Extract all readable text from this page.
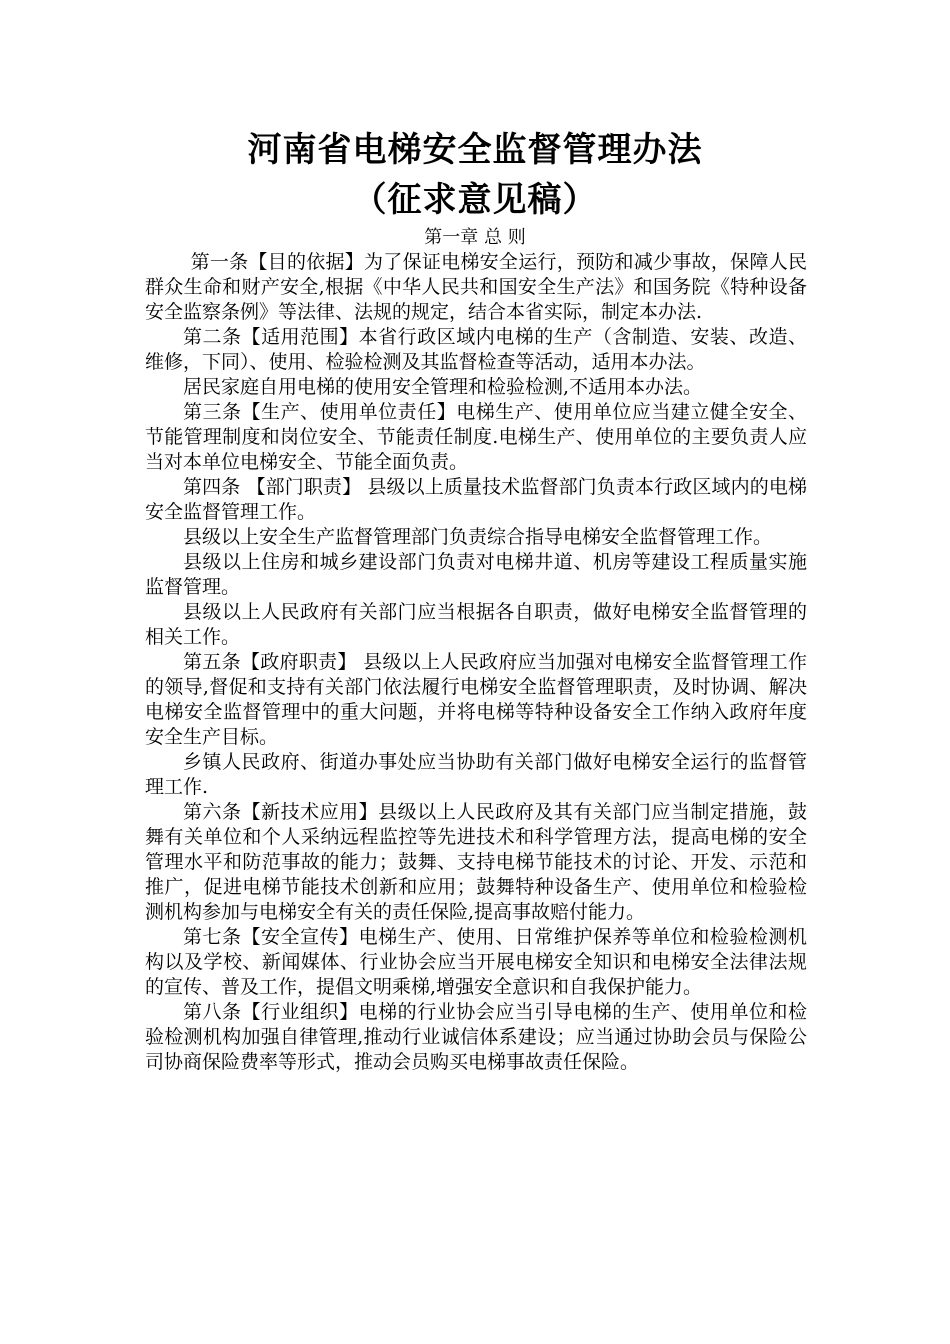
河南省电梯安全监督管理办法
（征求意见稿）
第一章 总 则

第一条【目的依据】为了保证电梯安全运行，预防和减少事故，保障人民群众生命和财产安全,根据《中华人民共和国安全生产法》和国务院《特种设备安全监察条例》等法律、法规的规定，结合本省实际，制定本办法.

第二条【适用范围】本省行政区域内电梯的生产（含制造、安装、改造、维修，下同）、使用、检验检测及其监督检查等活动，适用本办法。

居民家庭自用电梯的使用安全管理和检验检测,不适用本办法。

第三条【生产、使用单位责任】电梯生产、使用单位应当建立健全安全、节能管理制度和岗位安全、节能责任制度.电梯生产、使用单位的主要负责人应当对本单位电梯安全、节能全面负责。

第四条 【部门职责】 县级以上质量技术监督部门负责本行政区域内的电梯安全监督管理工作。

县级以上安全生产监督管理部门负责综合指导电梯安全监督管理工作。

县级以上住房和城乡建设部门负责对电梯井道、机房等建设工程质量实施监督管理。

县级以上人民政府有关部门应当根据各自职责，做好电梯安全监督管理的相关工作。

第五条【政府职责】 县级以上人民政府应当加强对电梯安全监督管理工作的领导,督促和支持有关部门依法履行电梯安全监督管理职责，及时协调、解决电梯安全监督管理中的重大问题，并将电梯等特种设备安全工作纳入政府年度安全生产目标。

乡镇人民政府、街道办事处应当协助有关部门做好电梯安全运行的监督管理工作.

第六条【新技术应用】县级以上人民政府及其有关部门应当制定措施，鼓舞有关单位和个人采纳远程监控等先进技术和科学管理方法，提高电梯的安全管理水平和防范事故的能力；鼓舞、支持电梯节能技术的讨论、开发、示范和推广，促进电梯节能技术创新和应用；鼓舞特种设备生产、使用单位和检验检测机构参加与电梯安全有关的责任保险,提高事故赔付能力。

第七条【安全宣传】电梯生产、使用、日常维护保养等单位和检验检测机构以及学校、新闻媒体、行业协会应当开展电梯安全知识和电梯安全法律法规的宣传、普及工作，提倡文明乘梯,增强安全意识和自我保护能力。

第八条【行业组织】电梯的行业协会应当引导电梯的生产、使用单位和检验检测机构加强自律管理,推动行业诚信体系建设；应当通过协助会员与保险公司协商保险费率等形式，推动会员购买电梯事故责任保险。
